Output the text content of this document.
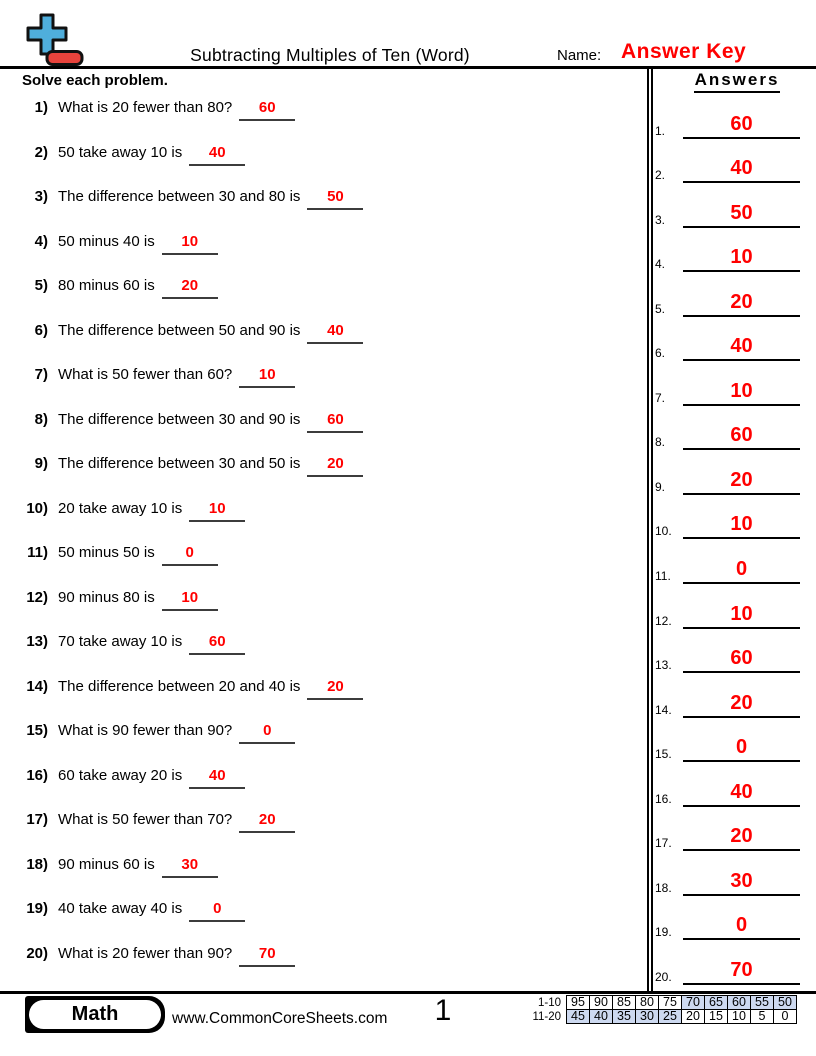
Subtracting Multiples of Ten (Word)	Name: Answer Key
Solve each problem.	Answers
1.	60
2.	40
3.	50
4.	10
5.	20
6.	40
7.	10
8.	60
9.	20
10.	10
11.	0
12.	10
13.	60
14.	20
15.	0
16.	40
17.	20
18.	30
19.	0
20.	70
1) What is 20 fewer than 80? 60
2) 50 take away 10 is 40
3) The difference between 30 and 80 is 50
4) 50 minus 40 is 10
5) 80 minus 60 is 20
6) The difference between 50 and 90 is 40
7) What is 50 fewer than 60? 10
8) The difference between 30 and 90 is 60
9) The difference between 30 and 50 is 20
10) 20 take away 10 is 10
11) 50 minus 50 is 0
12) 90 minus 80 is 10
13) 70 take away 10 is 60
14) The difference between 20 and 40 is 20
15) What is 90 fewer than 90? 0
16) 60 take away 20 is 40
17) What is 50 fewer than 70? 20
18) 90 minus 60 is 30
19) 40 take away 40 is 0
20) What is 20 fewer than 90? 70
Math	www.CommonCoreSheets.com	1	1-10	95	90	85	80	75	70	65	60	55	50
11-20	45	40	35	30	25	20	15	10	5	0
